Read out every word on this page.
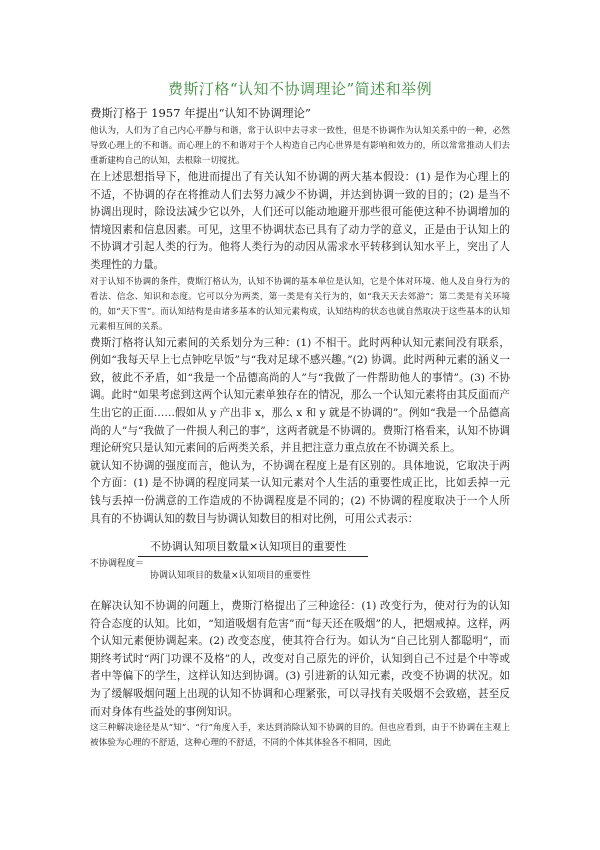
费斯汀格“认知不协调理论”简述和举例
费斯汀格于 1957 年提出“认知不协调理论”

他认为，人们为了自己内心平静与和谐，常于认识中去寻求一致性，但是不协调作为认知关系中的一种，必然导致心理上的不和谐。而心理上的不和谐对于个人构造自己内心世界是有影响和效力的，所以常常推动人们去重新建构自己的认知，去根除一切搅扰。

在上述思想指导下，他进而提出了有关认知不协调的两大基本假设：(1) 是作为心理上的不适，不协调的存在将推动人们去努力减少不协调，并达到协调一致的目的；(2) 是当不协调出现时，除设法减少它以外，人们还可以能动地避开那些很可能使这种不协调增加的情境因素和信息因素。可见，这里不协调状态已具有了动力学的意义，正是由于认知上的不协调才引起人类的行为。他将人类行为的动因从需求水平转移到认知水平上，突出了人类理性的力量。

对于认知不协调的条件，费斯汀格认为，认知不协调的基本单位是认知，它是个体对环境、他人及自身行为的看法、信念、知识和态度。它可以分为两类，第一类是有关行为的，如“我天天去郊游”；第二类是有关环境的，如“天下雪”。而认知结构是由诸多基本的认知元素构成，认知结构的状态也就自然取决于这些基本的认知元素相互间的关系。

费斯汀格将认知元素间的关系划分为三种：(1) 不相干。此时两种认知元素间没有联系，例如“我每天早上七点钟吃早饭”与“我对足球不感兴趣。”(2) 协调。此时两种元素的涵义一致，彼此不矛盾，如“我是一个品德高尚的人”与“我做了一件帮助他人的事情”。(3) 不协调。此时“如果考虑到这两个认知元素单独存在的情况，那么一个认知元素将由其反面而产生出它的正面……假如从 y 产出非 x，那么 x 和 y 就是不协调的”。例如“我是一个品德高尚的人”与“我做了一件损人利己的事”，这两者就是不协调的。费斯汀格看来，认知不协调理论研究只是认知元素间的后两类关系，并且把注意力重点放在不协调关系上。

就认知不协调的强度而言，他认为，不协调在程度上是有区别的。具体地说，它取决于两个方面：(1) 是不协调的程度同某一认知元素对个人生活的重要性成正比，比如丢掉一元钱与丢掉一份满意的工作造成的不协调程度是不同的；(2) 不协调的程度取决于一个人所具有的不协调认知的数目与协调认知数目的相对比例，可用公式表示：

不协调程度＝
不协调认知项目数量×认知项目的重要性
协调认知项目的数量×认知项目的重要性

在解决认知不协调的问题上，费斯汀格提出了三种途径：(1) 改变行为，使对行为的认知符合态度的认知。比如，“知道吸烟有危害”而“每天还在吸烟”的人，把烟戒掉。这样，两个认知元素便协调起来。(2) 改变态度，使其符合行为。如认为“自己比别人都聪明”，而期终考试时“两门功课不及格”的人，改变对自己原先的评价，认知到自己不过是个中等或者中等偏下的学生，这样认知达到协调。(3) 引进新的认知元素，改变不协调的状况。如为了缓解吸烟问题上出现的认知不协调和心理紧张，可以寻找有关吸烟不会致癌，甚至反而对身体有些益处的事例知识。

这三种解决途径是从“知”、“行”角度入手，来达到消除认知不协调的目的。但也应看到，由于不协调在主观上被体验为心理的不舒适，这种心理的不舒适，不同的个体其体验各不相同，因此
